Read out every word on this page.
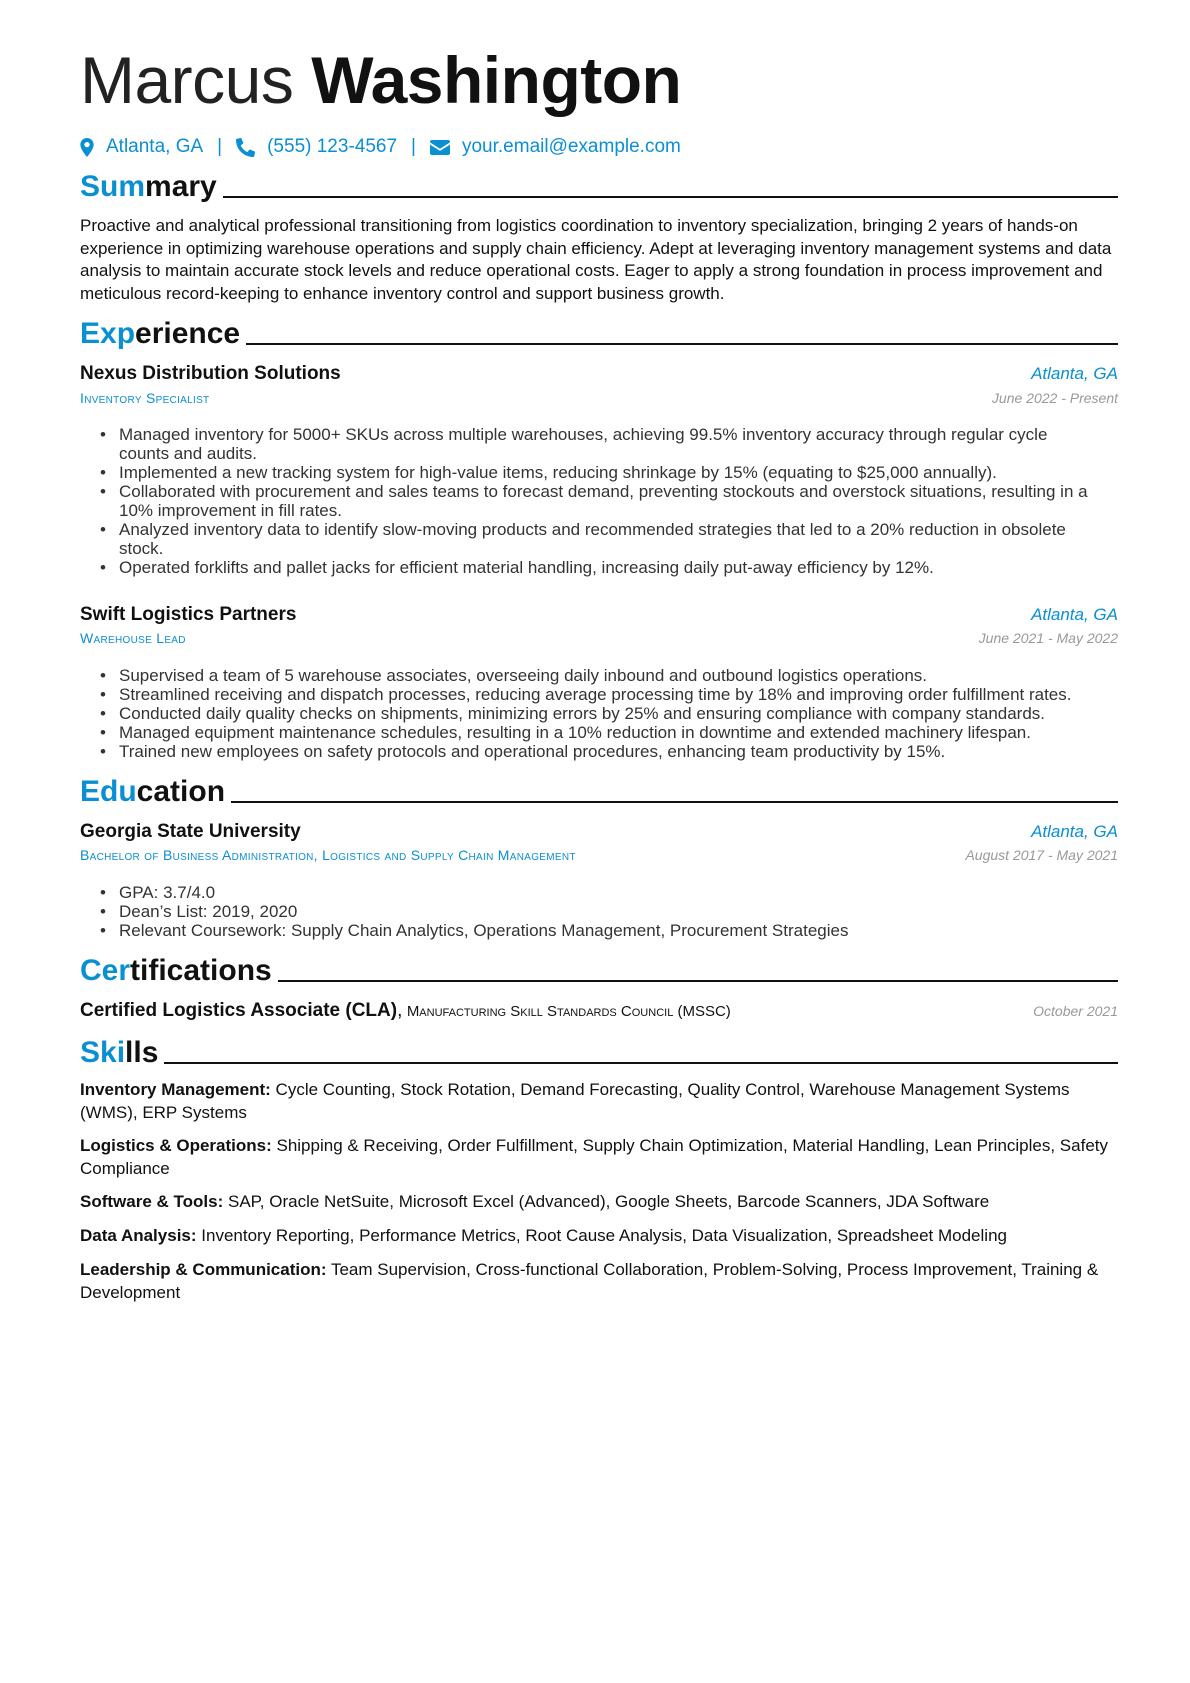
Marcus Washington
Atlanta, GA | (555) 123-4567 | your.email@example.com
Summary

Proactive and analytical professional transitioning from logistics coordination to inventory specialization, bringing 2 years of hands-on experience in optimizing warehouse operations and supply chain efficiency. Adept at leveraging inventory management systems and data analysis to maintain accurate stock levels and reduce operational costs. Eager to apply a strong foundation in process improvement and meticulous record-keeping to enhance inventory control and support business growth.

Experience
Nexus Distribution Solutions	Atlanta, GA
Inventory Specialist	June 2022 - Present
• Managed inventory for 5000+ SKUs across multiple warehouses, achieving 99.5% inventory accuracy through regular cycle counts and audits.
• Implemented a new tracking system for high-value items, reducing shrinkage by 15% (equating to $25,000 annually).
• Collaborated with procurement and sales teams to forecast demand, preventing stockouts and overstock situations, resulting in a 10% improvement in fill rates.
• Analyzed inventory data to identify slow-moving products and recommended strategies that led to a 20% reduction in obsolete stock.
• Operated forklifts and pallet jacks for efficient material handling, increasing daily put-away efficiency by 12%.
Swift Logistics Partners	Atlanta, GA
Warehouse Lead	June 2021 - May 2022
• Supervised a team of 5 warehouse associates, overseeing daily inbound and outbound logistics operations.
• Streamlined receiving and dispatch processes, reducing average processing time by 18% and improving order fulfillment rates.
• Conducted daily quality checks on shipments, minimizing errors by 25% and ensuring compliance with company standards.
• Managed equipment maintenance schedules, resulting in a 10% reduction in downtime and extended machinery lifespan.
• Trained new employees on safety protocols and operational procedures, enhancing team productivity by 15%.
Education
Georgia State University	Atlanta, GA
Bachelor of Business Administration, Logistics and Supply Chain Management	August 2017 - May 2021
• GPA: 3.7/4.0
• Dean’s List: 2019, 2020
• Relevant Coursework: Supply Chain Analytics, Operations Management, Procurement Strategies
Certifications
Certified Logistics Associate (CLA), Manufacturing Skill Standards Council (MSSC)	October 2021
Skills

Inventory Management: Cycle Counting, Stock Rotation, Demand Forecasting, Quality Control, Warehouse Management Systems (WMS), ERP Systems

Logistics & Operations: Shipping & Receiving, Order Fulfillment, Supply Chain Optimization, Material Handling, Lean Principles, Safety Compliance

Software & Tools: SAP, Oracle NetSuite, Microsoft Excel (Advanced), Google Sheets, Barcode Scanners, JDA Software

Data Analysis: Inventory Reporting, Performance Metrics, Root Cause Analysis, Data Visualization, Spreadsheet Modeling

Leadership & Communication: Team Supervision, Cross-functional Collaboration, Problem-Solving, Process Improvement, Training & Development
